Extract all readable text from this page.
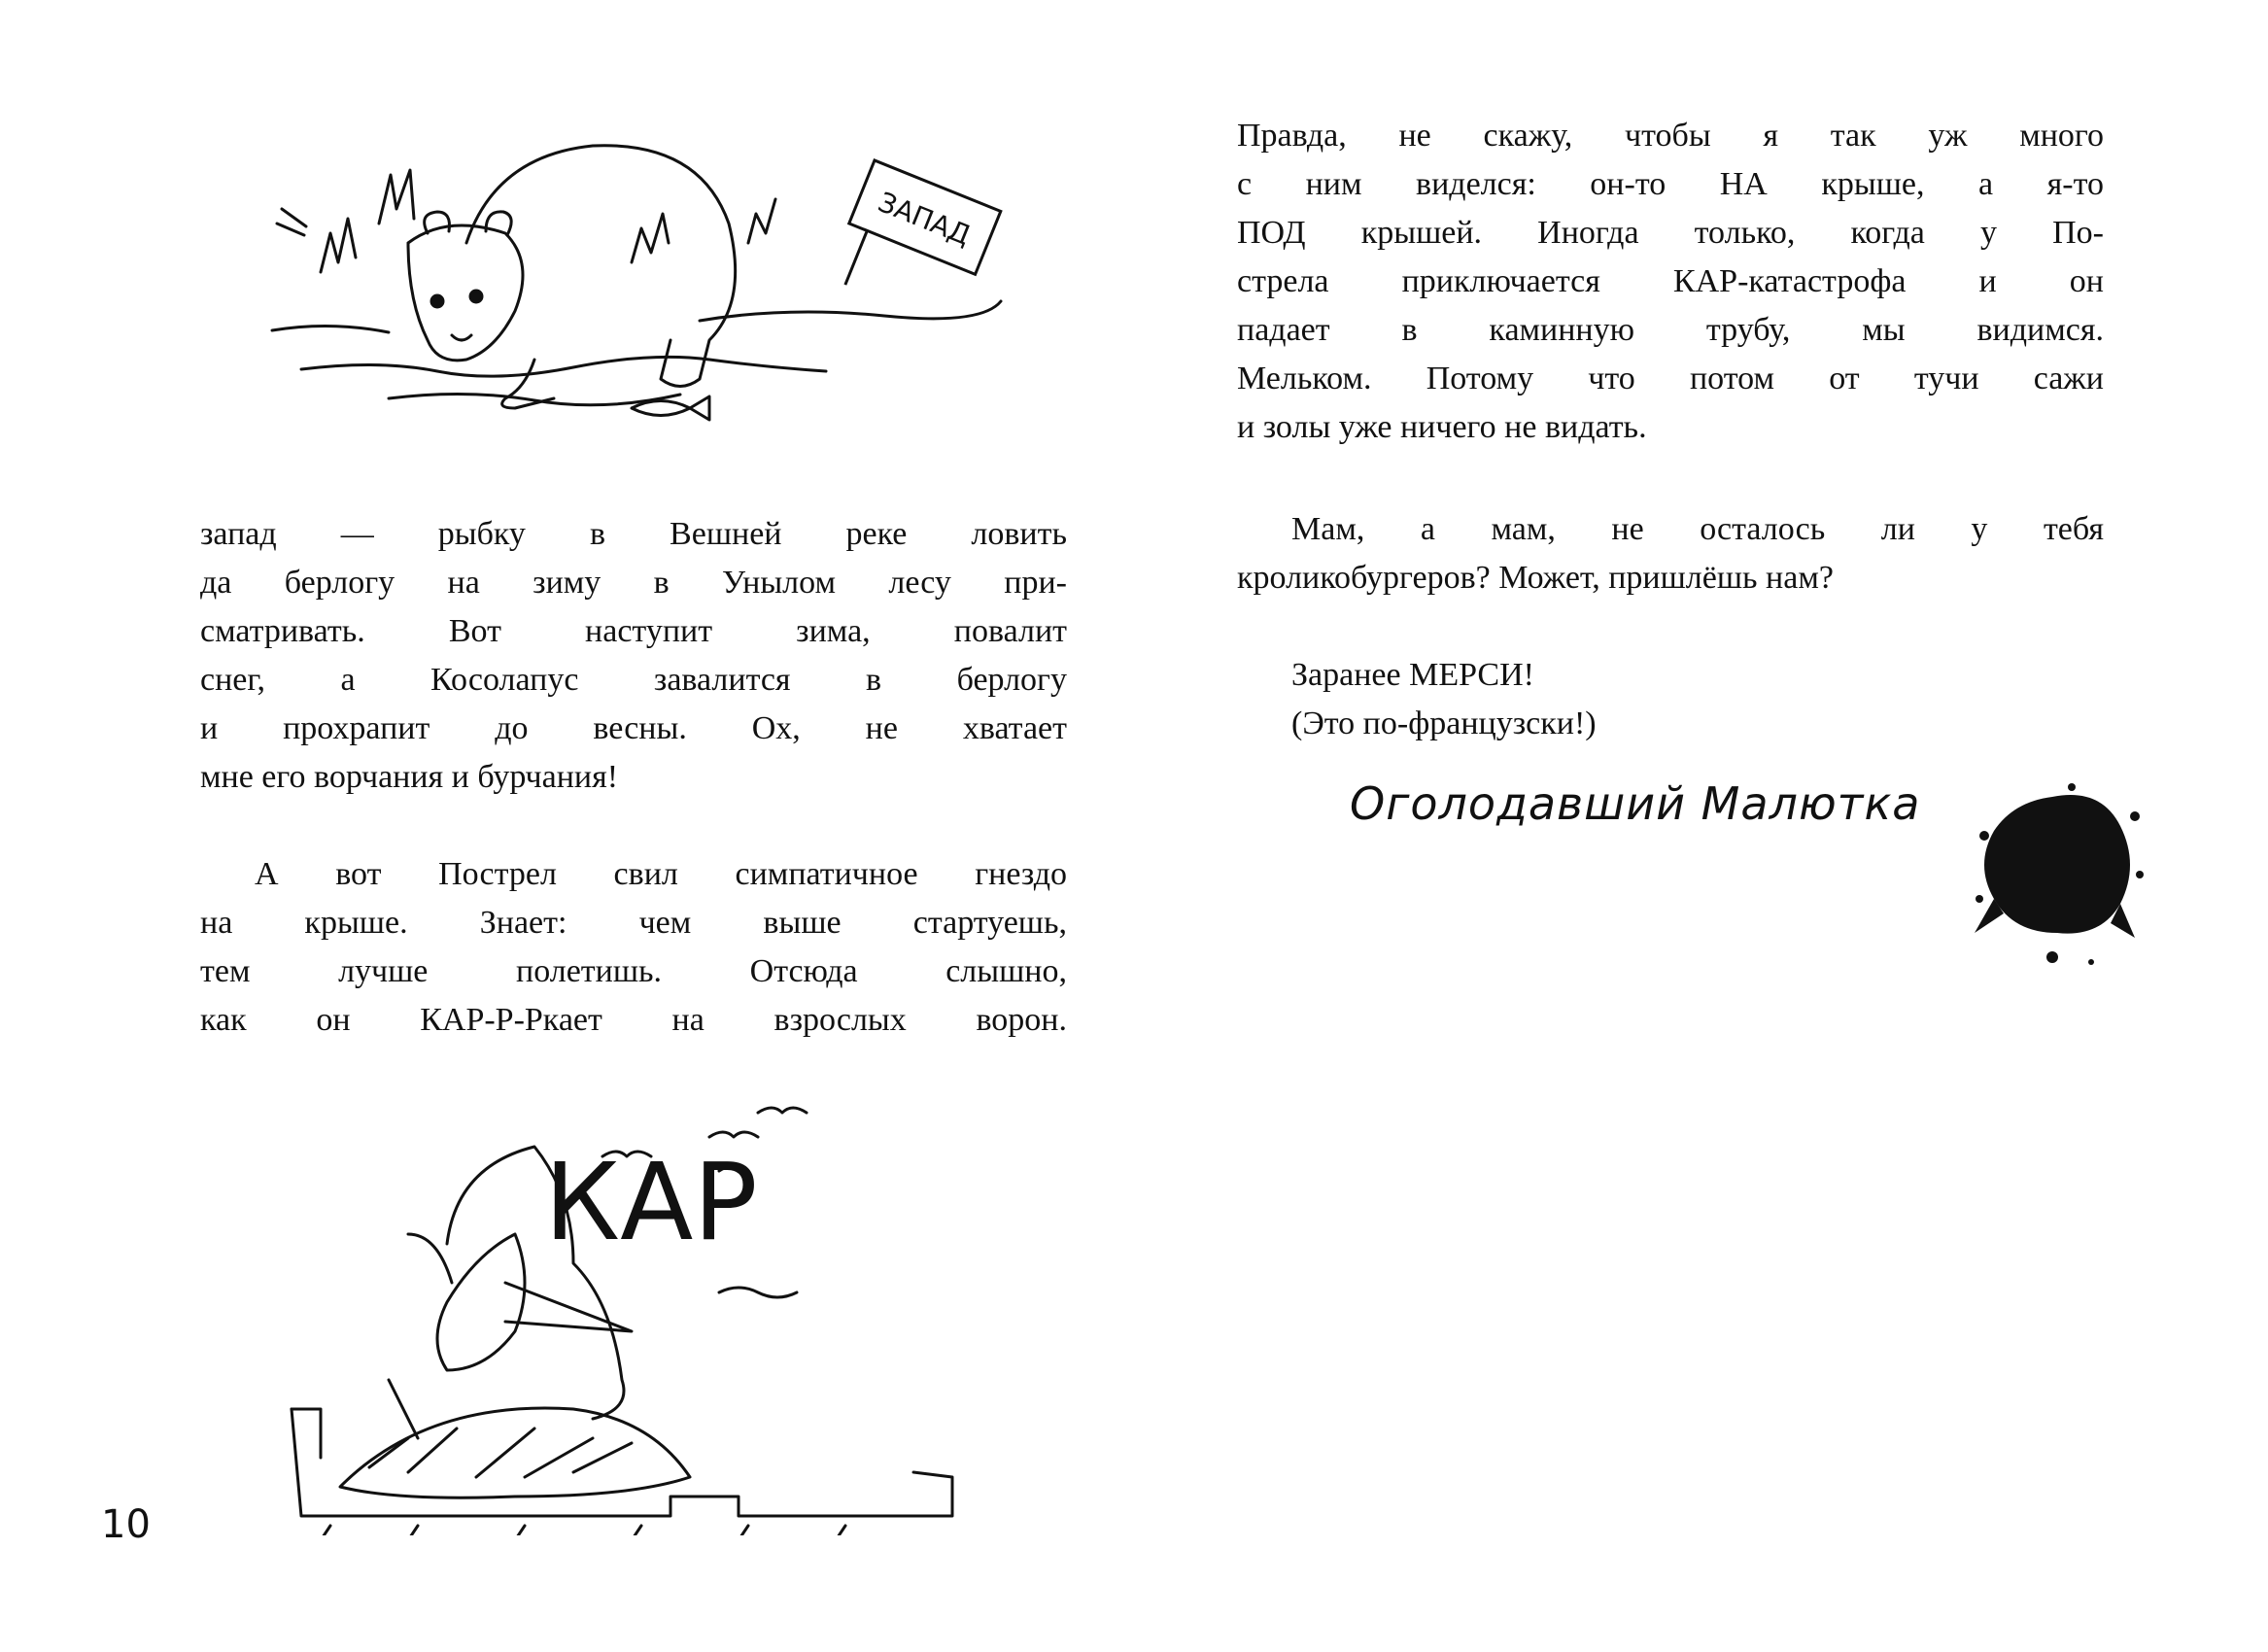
ЗАПАД
запад — рыбку в Вешней реке ловить
да берлогу на зиму в Унылом лесу при-
сматривать. Вот наступит зима, повалит
снег, а Косолапус завалится в берлогу
и прохрапит до весны. Ох, не хватает
мне его ворчания и бурчания!
А вот Пострел свил симпатичное гнездо
на крыше. Знает: чем выше стартуешь,
тем лучше полетишь. Отсюда слышно,
как он КАР-Р-Ркает на взрослых ворон.
КАР
10
Правда, не скажу, чтобы я так уж много
с ним виделся: он-то НА крыше, а я-то
ПОД крышей. Иногда только, когда у По-
стрела приключается КАР-катастрофа и он
падает в каминную трубу, мы видимся.
Мельком. Потому что потом от тучи сажи
и золы уже ничего не видать.
Мам, а мам, не осталось ли у тебя
кроликобургеров? Может, пришлёшь нам?
Заранее МЕРСИ!
(Это по-французски!)
Оголодавший Малютка
